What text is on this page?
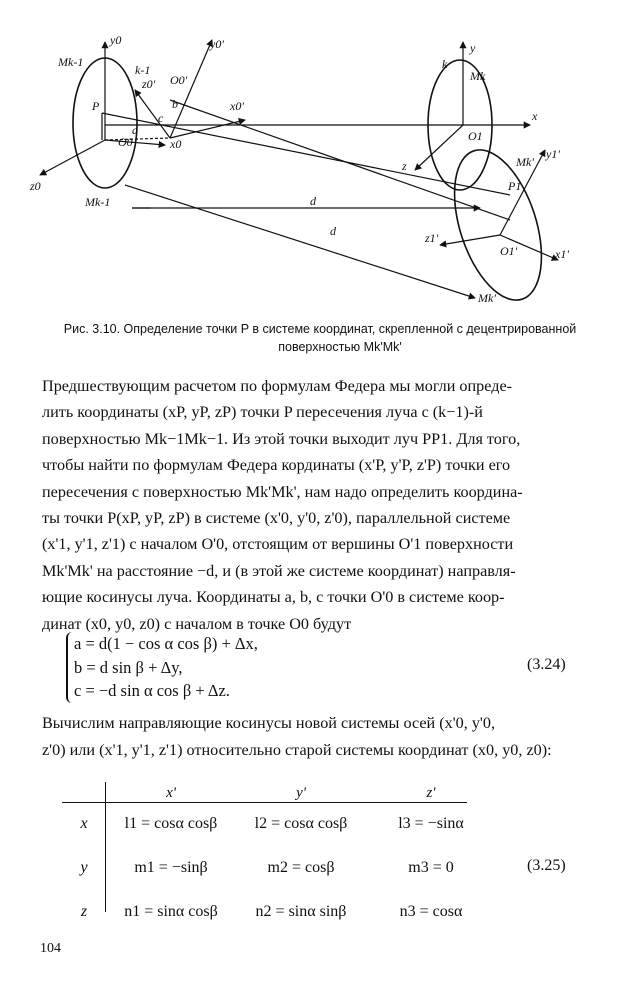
y0	y0'
Mk-1
k-1
z0' O0'
x0'
P	b
c
a
O0	x0
z0
Mk-1	d
d
y
k
Mk
x
O1
z	Mk'
y1'
P1
z1'
O1'	x1'
Mk'
Рис. 3.10. Определение точки P в системе координат, скрепленной с децентрированной
поверхностью Mk'Mk'
Предшествующим расчетом по формулам Федера мы могли опреде-
лить координаты (xP, yP, zP) точки P пересечения луча с (k−1)-й
поверхностью Mk−1Mk−1. Из этой точки выходит луч PP1. Для того,
чтобы найти по формулам Федера кординаты (x'P, y'P, z'P) точки его
пересечения с поверхностью Mk'Mk', нам надо определить координа-
ты точки P(xP, yP, zP) в системе (x'0, y'0, z'0), параллельной системе
(x'1, y'1, z'1) с началом O'0, отстоящим от вершины O'1 поверхности
Mk'Mk' на расстояние −d, и (в этой же системе координат) направля-
ющие косинусы луча. Координаты a, b, c точки O'0 в системе коор-
динат (x0, y0, z0) с началом в точке O0 будут
a = d(1 − cos α cos β) + Δx,
b = d sin β + Δy,
c = −d sin α cos β + Δz.
(3.24)
Вычислим направляющие косинусы новой системы осей (x'0, y'0,
z'0) или (x'1, y'1, z'1) относительно старой системы координат (x0, y0, z0):
	x'	y'	z'
x	l1 = cosα cosβ	l2 = cosα cosβ	l3 = −sinα
y	m1 = −sinβ	m2 = cosβ	m3 = 0
z	n1 = sinα cosβ	n2 = sinα sinβ	n3 = cosα
(3.25)
104
